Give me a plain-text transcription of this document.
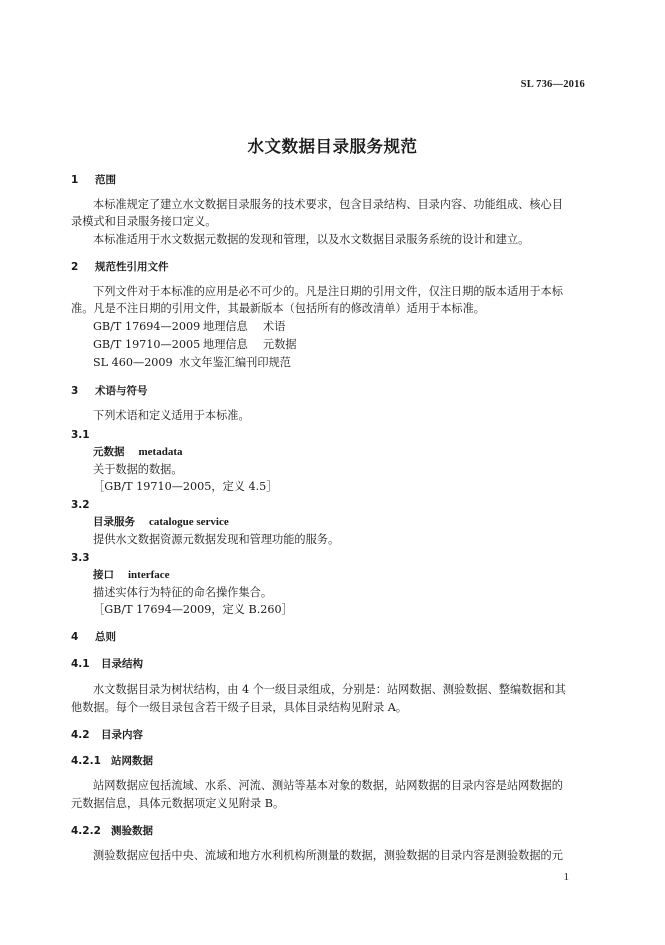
SL 736—2016
水文数据目录服务规范
1 范围
本标准规定了建立水文数据目录服务的技术要求，包含目录结构、目录内容、功能组成、核心目
录模式和目录服务接口定义。
本标准适用于水文数据元数据的发现和管理，以及水文数据目录服务系统的设计和建立。
2 规范性引用文件
下列文件对于本标准的应用是必不可少的。凡是注日期的引用文件，仅注日期的版本适用于本标
准。凡是不注日期的引用文件，其最新版本（包括所有的修改清单）适用于本标准。
GB/T 17694—2009 地理信息 术语
GB/T 19710—2005 地理信息 元数据
SL 460—2009 水文年鉴汇编刊印规范
3 术语与符号
下列术语和定义适用于本标准。
3.1
元数据 metadata
关于数据的数据。
［GB/T 19710—2005，定义 4.5］
3.2
目录服务 catalogue service
提供水文数据资源元数据发现和管理功能的服务。
3.3
接口 interface
描述实体行为特征的命名操作集合。
［GB/T 17694—2009，定义 B.260］
4 总则
4.1 目录结构
水文数据目录为树状结构，由 4 个一级目录组成，分别是：站网数据、测验数据、整编数据和其
他数据。每个一级目录包含若干级子目录，具体目录结构见附录 A。
4.2 目录内容
4.2.1 站网数据
站网数据应包括流域、水系、河流、测站等基本对象的数据，站网数据的目录内容是站网数据的
元数据信息，具体元数据项定义见附录 B。
4.2.2 测验数据
测验数据应包括中央、流域和地方水利机构所测量的数据，测验数据的目录内容是测验数据的元
1
